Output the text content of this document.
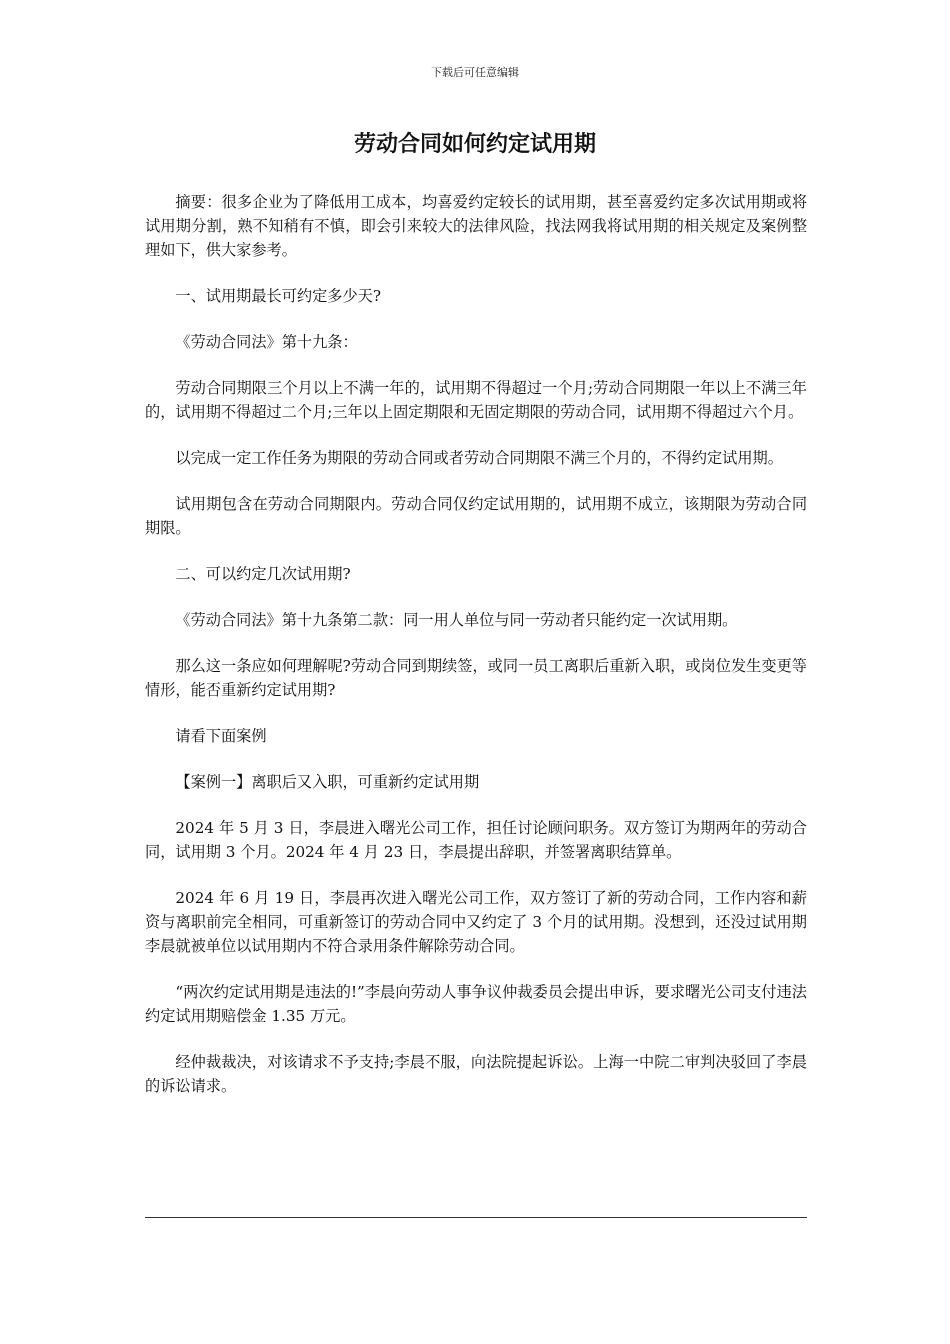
下载后可任意编辑
劳动合同如何约定试用期

摘要：很多企业为了降低用工成本，均喜爱约定较长的试用期，甚至喜爱约定多次试用期或将试用期分割，熟不知稍有不慎，即会引来较大的法律风险，找法网我将试用期的相关规定及案例整理如下，供大家参考。

一、试用期最长可约定多少天?

《劳动合同法》第十九条：

劳动合同期限三个月以上不满一年的，试用期不得超过一个月;劳动合同期限一年以上不满三年的，试用期不得超过二个月;三年以上固定期限和无固定期限的劳动合同，试用期不得超过六个月。

以完成一定工作任务为期限的劳动合同或者劳动合同期限不满三个月的，不得约定试用期。

试用期包含在劳动合同期限内。劳动合同仅约定试用期的，试用期不成立，该期限为劳动合同期限。

二、可以约定几次试用期?

《劳动合同法》第十九条第二款：同一用人单位与同一劳动者只能约定一次试用期。

那么这一条应如何理解呢?劳动合同到期续签，或同一员工离职后重新入职，或岗位发生变更等情形，能否重新约定试用期?

请看下面案例

【案例一】离职后又入职，可重新约定试用期

2024 年 5 月 3 日，李晨进入曙光公司工作，担任讨论顾问职务。双方签订为期两年的劳动合同，试用期 3 个月。2024 年 4 月 23 日，李晨提出辞职，并签署离职结算单。

2024 年 6 月 19 日，李晨再次进入曙光公司工作，双方签订了新的劳动合同，工作内容和薪资与离职前完全相同，可重新签订的劳动合同中又约定了 3 个月的试用期。没想到，还没过试用期李晨就被单位以试用期内不符合录用条件解除劳动合同。

“两次约定试用期是违法的!”李晨向劳动人事争议仲裁委员会提出申诉，要求曙光公司支付违法约定试用期赔偿金 1.35 万元。

经仲裁裁决，对该请求不予支持;李晨不服，向法院提起诉讼。上海一中院二审判决驳回了李晨的诉讼请求。
